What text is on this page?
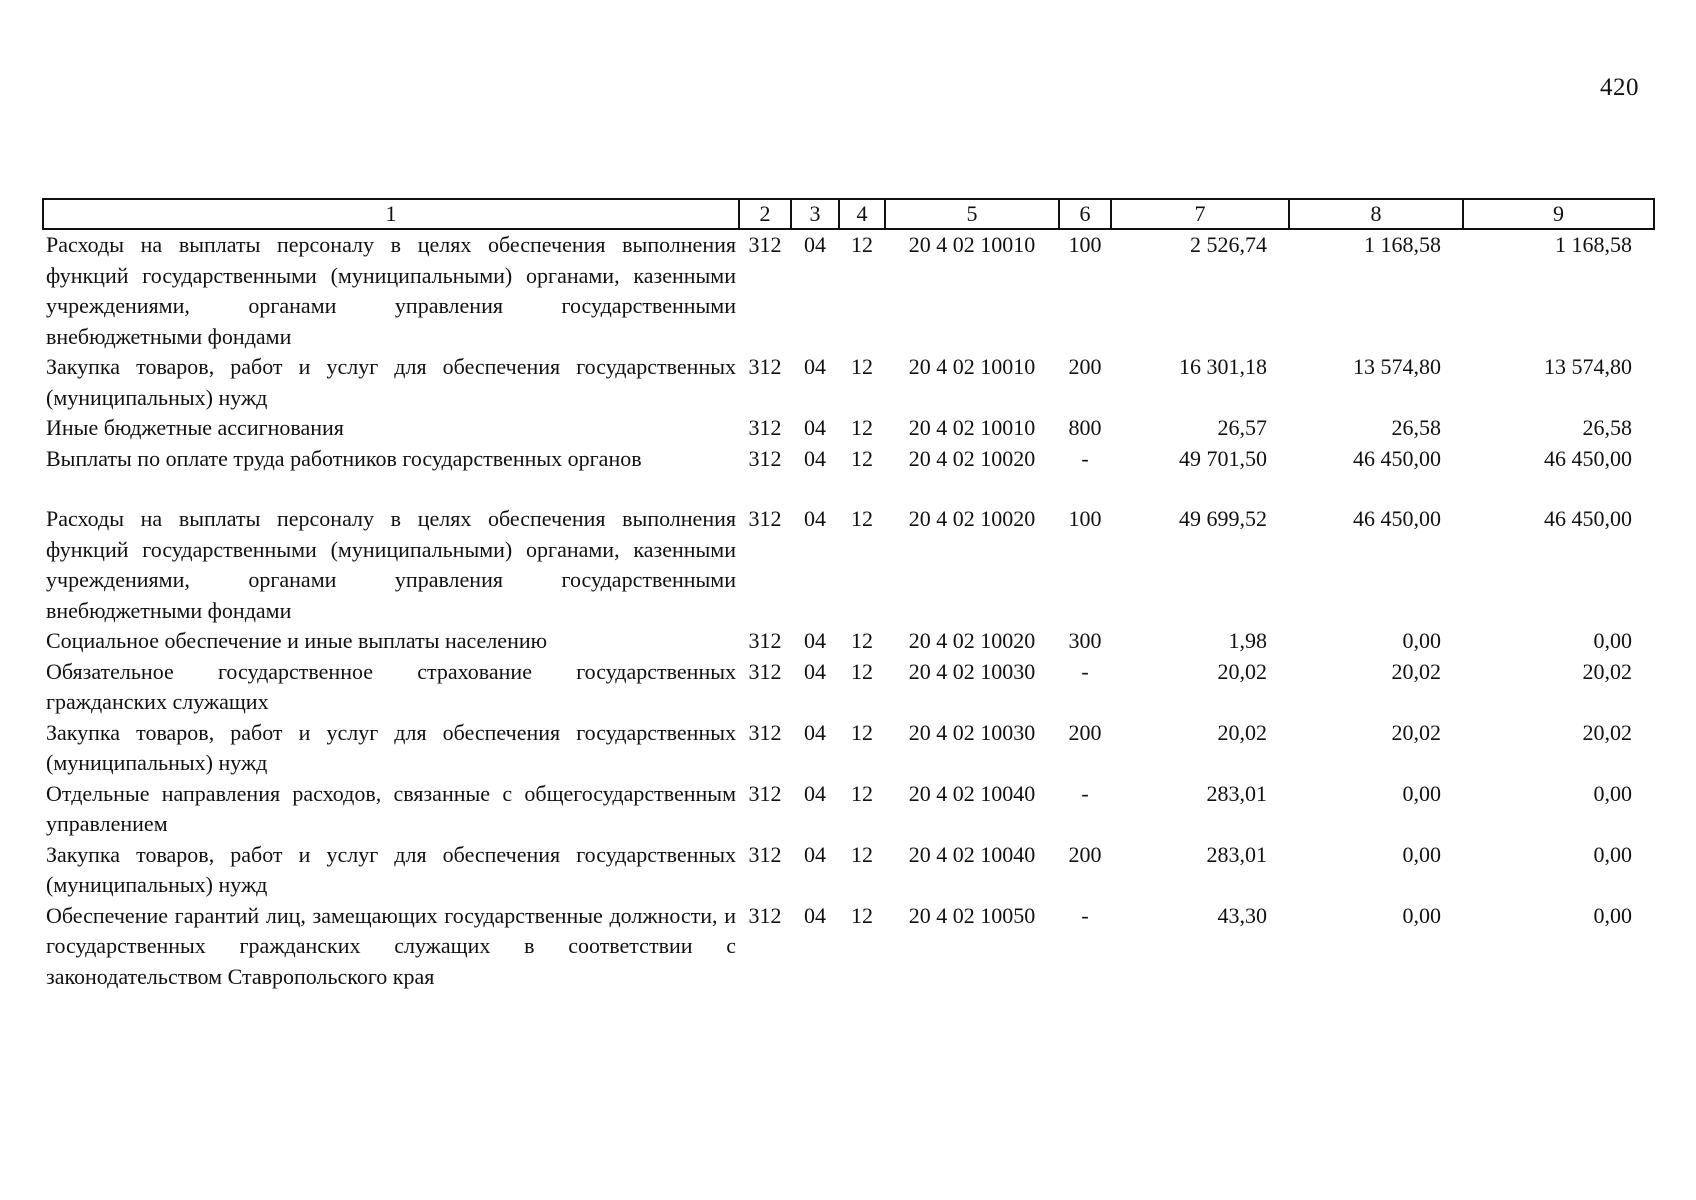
420
1	2	3	4	5	6	7	8	9
Расходы на выплаты персоналу в целях обеспечения выполнения функций государственными (муниципальными) органами, казенными учреждениями, органами управления государственными внебюджетными фондами	312	04	12	20 4 02 10010	100	2 526,74	1 168,58	1 168,58
Закупка товаров, работ и услуг для обеспечения государственных (муниципальных) нужд	312	04	12	20 4 02 10010	200	16 301,18	13 574,80	13 574,80
Иные бюджетные ассигнования	312	04	12	20 4 02 10010	800	26,57	26,58	26,58
Выплаты по оплате труда работников государственных органов	312	04	12	20 4 02 10020	-	49 701,50	46 450,00	46 450,00

Расходы на выплаты персоналу в целях обеспечения выполнения функций государственными (муниципальными) органами, казенными учреждениями, органами управления государственными внебюджетными фондами	312	04	12	20 4 02 10020	100	49 699,52	46 450,00	46 450,00
Социальное обеспечение и иные выплаты населению	312	04	12	20 4 02 10020	300	1,98	0,00	0,00
Обязательное государственное страхование государственных гражданских служащих	312	04	12	20 4 02 10030	-	20,02	20,02	20,02
Закупка товаров, работ и услуг для обеспечения государственных (муниципальных) нужд	312	04	12	20 4 02 10030	200	20,02	20,02	20,02
Отдельные направления расходов, связанные с общегосударственным управлением	312	04	12	20 4 02 10040	-	283,01	0,00	0,00
Закупка товаров, работ и услуг для обеспечения государственных (муниципальных) нужд	312	04	12	20 4 02 10040	200	283,01	0,00	0,00
Обеспечение гарантий лиц, замещающих государственные должности, и государственных гражданских служащих в соответствии с законодательством Ставропольского края	312	04	12	20 4 02 10050	-	43,30	0,00	0,00
